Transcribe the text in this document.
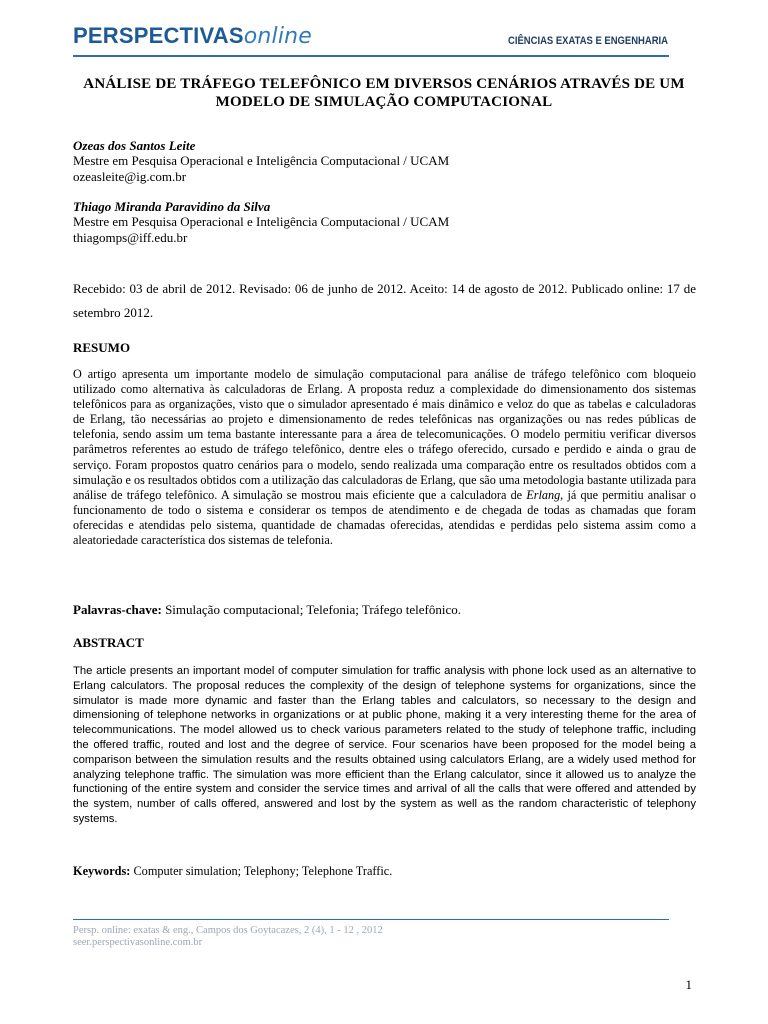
PERSPECTIVASonline	CIÊNCIAS EXATAS E ENGENHARIA
ANÁLISE DE TRÁFEGO TELEFÔNICO EM DIVERSOS CENÁRIOS ATRAVÉS DE UM MODELO DE SIMULAÇÃO COMPUTACIONAL
Ozeas dos Santos Leite
Mestre em Pesquisa Operacional e Inteligência Computacional / UCAM
ozeasleite@ig.com.br
Thiago Miranda Paravidino da Silva
Mestre em Pesquisa Operacional e Inteligência Computacional / UCAM
thiagomps@iff.edu.br
Recebido: 03 de abril de 2012. Revisado: 06 de junho de 2012. Aceito: 14 de agosto de 2012. Publicado online: 17 de setembro 2012.
RESUMO
O artigo apresenta um importante modelo de simulação computacional para análise de tráfego telefônico com bloqueio utilizado como alternativa às calculadoras de Erlang. A proposta reduz a complexidade do dimensionamento dos sistemas telefônicos para as organizações, visto que o simulador apresentado é mais dinâmico e veloz do que as tabelas e calculadoras de Erlang, tão necessárias ao projeto e dimensionamento de redes telefônicas nas organizações ou nas redes públicas de telefonia, sendo assim um tema bastante interessante para a área de telecomunicações. O modelo permitiu verificar diversos parâmetros referentes ao estudo de tráfego telefônico, dentre eles o tráfego oferecido, cursado e perdido e ainda o grau de serviço. Foram propostos quatro cenários para o modelo, sendo realizada uma comparação entre os resultados obtidos com a simulação e os resultados obtidos com a utilização das calculadoras de Erlang, que são uma metodologia bastante utilizada para análise de tráfego telefônico. A simulação se mostrou mais eficiente que a calculadora de Erlang, já que permitiu analisar o funcionamento de todo o sistema e considerar os tempos de atendimento e de chegada de todas as chamadas que foram oferecidas e atendidas pelo sistema, quantidade de chamadas oferecidas, atendidas e perdidas pelo sistema assim como a aleatoriedade característica dos sistemas de telefonia.
Palavras-chave: Simulação computacional; Telefonia; Tráfego telefônico.
ABSTRACT
The article presents an important model of computer simulation for traffic analysis with phone lock used as an alternative to Erlang calculators. The proposal reduces the complexity of the design of telephone systems for organizations, since the simulator is made more dynamic and faster than the Erlang tables and calculators, so necessary to the design and dimensioning of telephone networks in organizations or at public phone, making it a very interesting theme for the area of telecommunications. The model allowed us to check various parameters related to the study of telephone traffic, including the offered traffic, routed and lost and the degree of service. Four scenarios have been proposed for the model being a comparison between the simulation results and the results obtained using calculators Erlang, are a widely used method for analyzing telephone traffic. The simulation was more efficient than the Erlang calculator, since it allowed us to analyze the functioning of the entire system and consider the service times and arrival of all the calls that were offered and attended by the system, number of calls offered, answered and lost by the system as well as the random characteristic of telephony systems.
Keywords: Computer simulation; Telephony; Telephone Traffic.
Persp. online: exatas & eng., Campos dos Goytacazes, 2 (4), 1 - 12 , 2012
seer.perspectivasonline.com.br
1
